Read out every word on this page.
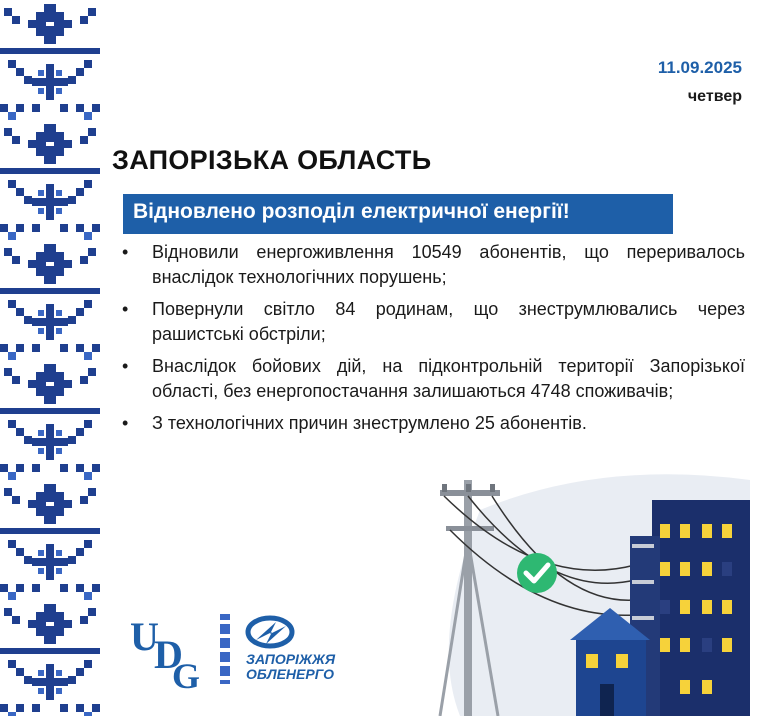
11.09.2025
четвер
ЗАПОРІЗЬКА ОБЛАСТЬ
Відновлено розподіл електричної енергії!
• Відновили енергоживлення 10549 абонентів, що переривалось внаслідок технологічних порушень;
• Повернули світло 84 родинам, що знеструмлювались через рашистські обстріли;
• Внаслідок бойових дій, на підконтрольній території Запорізької області, без енергопостачання залишаються 4748 споживачів;
• З технологічних причин знеструмлено 25 абонентів.
U
D
G	ЗАПОРІЖЖЯ
ОБЛЕНЕРГО
